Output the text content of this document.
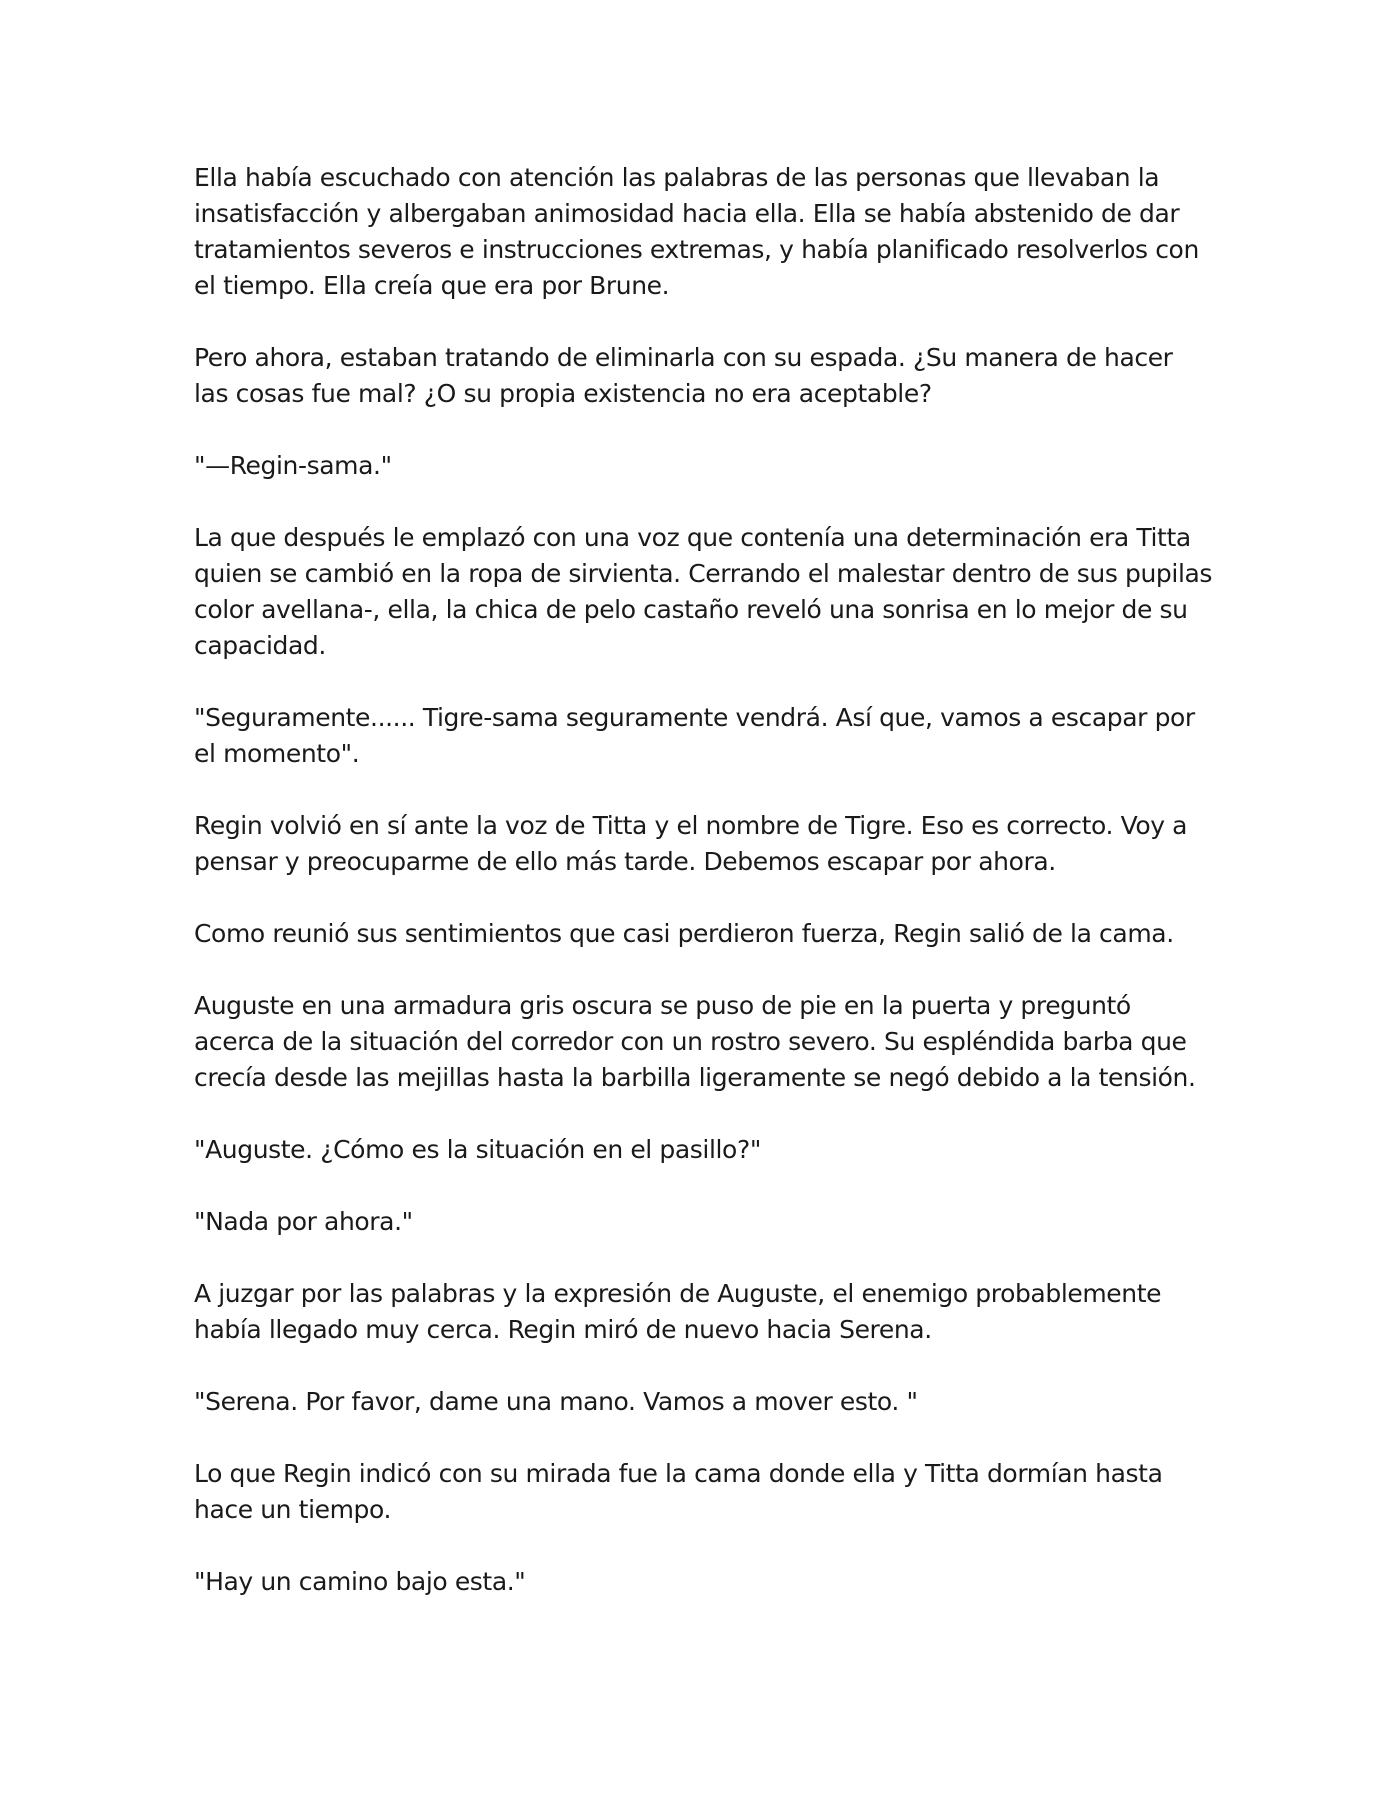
Ella había escuchado con atención las palabras de las personas que llevaban la insatisfacción y albergaban animosidad hacia ella. Ella se había abstenido de dar tratamientos severos e instrucciones extremas, y había planificado resolverlos con el tiempo. Ella creía que era por Brune.

Pero ahora, estaban tratando de eliminarla con su espada. ¿Su manera de hacer las cosas fue mal? ¿O su propia existencia no era aceptable?

"—Regin-sama."

La que después le emplazó con una voz que contenía una determinación era Titta quien se cambió en la ropa de sirvienta. Cerrando el malestar dentro de sus pupilas color avellana-, ella, la chica de pelo castaño reveló una sonrisa en lo mejor de su capacidad.

"Seguramente...... Tigre-sama seguramente vendrá. Así que, vamos a escapar por el momento".

Regin volvió en sí ante la voz de Titta y el nombre de Tigre. Eso es correcto. Voy a pensar y preocuparme de ello más tarde. Debemos escapar por ahora.

Como reunió sus sentimientos que casi perdieron fuerza, Regin salió de la cama.

Auguste en una armadura gris oscura se puso de pie en la puerta y preguntó acerca de la situación del corredor con un rostro severo. Su espléndida barba que crecía desde las mejillas hasta la barbilla ligeramente se negó debido a la tensión.

"Auguste. ¿Cómo es la situación en el pasillo?"

"Nada por ahora."

A juzgar por las palabras y la expresión de Auguste, el enemigo probablemente había llegado muy cerca. Regin miró de nuevo hacia Serena.

"Serena. Por favor, dame una mano. Vamos a mover esto. "

Lo que Regin indicó con su mirada fue la cama donde ella y Titta dormían hasta hace un tiempo.

"Hay un camino bajo esta."
